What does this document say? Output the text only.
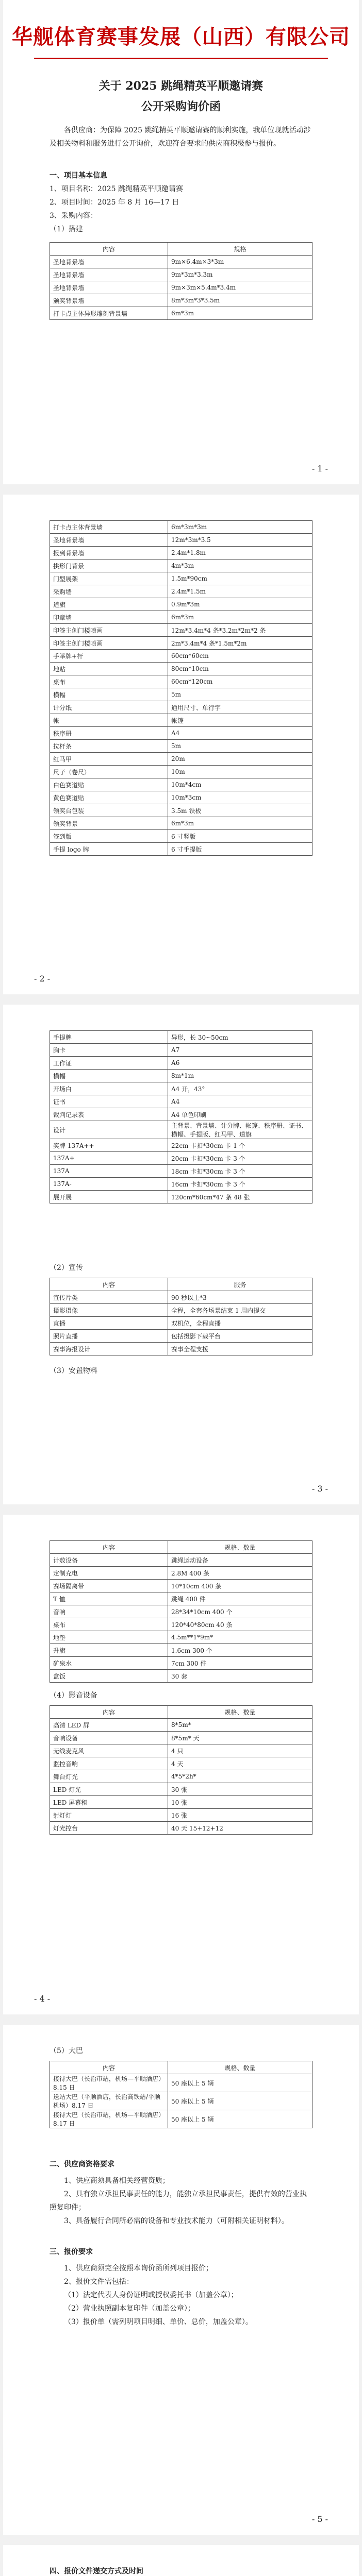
华舰体育赛事发展（山西）有限公司
关于 2025 跳绳精英平顺邀请赛
公开采购询价函
各供应商：为保障 2025 跳绳精英平顺邀请赛的顺利实施，我单位现就活动涉及相关物料和服务进行公开询价，欢迎符合要求的供应商积极参与报价。
一、项目基本信息
1、项目名称：2025 跳绳精英平顺邀请赛
2、项目时间：2025 年 8 月 16—17 日
3、采购内容：
（1）搭建
内容	规格
圣地背景墙	9m×6.4m×3*3m
圣地背景墙	9m*3m*3.3m
圣地背景墙	9m×3m×5.4m*3.4m
颁奖背景墙	8m*3m*3*3.5m
打卡点主体异形雕刻背景墙	6m*3m
- 1 -
打卡点主体背景墙	6m*3m*3m
圣地背景墙	12m*3m*3.5
报到背景墙	2.4m*1.8m
拱形门背景	4m*3m
门型展架	1.5m*90cm
采购墙	2.4m*1.5m
道旗	0.9m*3m
印章墙	6m*3m
印签主创门楼喷画	12m*3.4m*4 条*3.2m*2m*2 条
印签主创门楼喷画	2m*3.4m*4 条*1.5m*2m
手举牌+杆	60cm*60cm
地贴	80cm*10cm
桌布	60cm*120cm
横幅	5m
计分纸	通用尺寸、单行字
帐	帐篷
秩序册	A4
拉杆条	5m
红马甲	20m
尺子（卷尺）	10m
白色赛道贴	10m*4cm
黄色赛道贴	10m*3cm
领奖台包装	3.5m 铁板
领奖背景	6m*3m
签到版	6 寸竖版
手提 logo 牌	6 寸手提版
- 2 -
手提牌	异形，长 30~50cm
胸卡	A7
工作证	A6
横幅	8m*1m
开场白	A4 开，43°
证书	A4
裁判记录表	A4 单色印刷
设计	主背景、背景墙、计分牌、帐篷、秩序册、证书、横幅、手提版、红马甲、道旗
奖牌 137A++	22cm 卡扣*30cm 卡 1 个
137A+	20cm 卡扣*30cm 卡 3 个
137A	18cm 卡扣*30cm 卡 3 个
137A-	16cm 卡扣*30cm 卡 3 个
展开展	120cm*60cm*47 条 48 张
（2）宣传
内容	服务
宣传片类	90 秒以上*3
摄影摄像	全程，全套各场景结束 1 周内提交
直播	双机位，全程直播
照片直播	包括摄影下载平台
赛事海报设计	赛事全程支援
（3）安置物料
- 3 -
内容	规格、数量
计数设备	跳绳运动设备
定制充电	2.8M 400 条
赛场隔离带	10*10cm 400 条
T 恤	跳绳 400 件
音响	28*34*10cm 400 个
桌布	120*40*80cm 40 条
地垫	4.5m**1*9m*
升旗	1.6cm 300 个
矿泉水	7cm 300 件
盒饭	30 套
（4）影音设备
内容	规格、数量
高清 LED 屏	8*5m*
音响设备	8*5m* 天
无线麦克风	4 只
监控音响	4 天
舞台灯光	4*5*2h*
LED 灯光	30 张
LED 屏幕租	10 张
射灯灯	16 张
灯光控台	40 天 15+12+12
- 4 -
（5）大巴
内容	规格、数量
接待大巴（长治市站，机场—平顺酒店）8.15 日	50 座以上 5 辆
送站大巴（平顺酒店，长治高铁站/平顺机场）8.17 日	50 座以上 5 辆
接待大巴（长治市站，机场—平顺酒店）8.17 日	50 座以上 5 辆
二、供应商资格要求
1、供应商须具备相关经营资质；
2、具有独立承担民事责任的能力，能独立承担民事责任，提供有效的营业执照复印件；
3、具备履行合同所必需的设备和专业技术能力（可附相关证明材料）。
三、报价要求
1、供应商须完全按照本询价函所列项目报价；
2、报价文件需包括：
（1）法定代表人身份证明或授权委托书（加盖公章）；
（2）营业执照副本复印件（加盖公章）；
（3）报价单（需列明项目明细、单价、总价，加盖公章）。
- 5 -
四、报价文件递交方式及时间
